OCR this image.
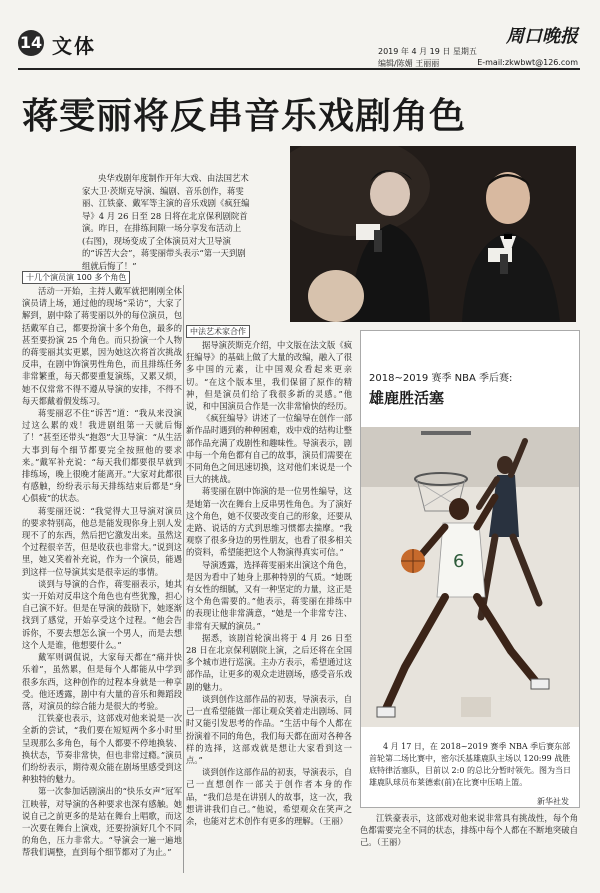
14 文体	周口晚报
2019 年 4 月 19 日 星期五
编辑/陈媚 王丽丽	E-mail:zkwbwt@126.com
蒋雯丽将反串音乐戏剧角色
央华戏剧年度制作开年大戏、由法国艺术家大卫·茨斯克导演、编剧、音乐创作，蒋雯丽、江铁豪、戴军等主演的音乐戏剧《疯狂编导》4 月 26 日至 28 日将在北京保利剧院首演。昨日，在排练间隙一场分享发布活动上(右图)，现场变成了全体演员对大卫导演的“诉苦大会”，蒋雯丽带头表示“第一天到剧组就后悔了！”
十几个演员演 100 多个角色
中法艺术家合作

活动一开始，主持人戴军就把刚刚全体演员请上场，通过他的现场“采访”，大家了解到，剧中除了蒋雯丽以外的每位演员，包括戴军自己，都要扮演十多个角色，最多的甚至要扮演 25 个角色。而只扮演一个人物的蒋雯丽其实更累，因为她这次将首次挑战反串，在剧中饰演男性角色，而且排练任务非常繁重，每天都要重复演练，又累又烦，她不仅常常不得不遵从导演的安排，不得不每天都戴着假发练习。

蒋雯丽忍不住“诉苦”道：“我从来没演过这么累的戏！我进剧组第一天就后悔了！”甚至还带头“抱怨”大卫导演：“从生活大事到每个细节都要完全按照他的要求来。”戴军补充说：“每天我们都要很早就到排练场，晚上很晚才能离开。”大家对此都很有感触，纷纷表示每天排练结束后都是“身心俱疲”的状态。

蒋雯丽还说：“我觉得大卫导演对演员的要求特别高，他总是能发现你身上别人发现不了的东西，然后把它激发出来。虽然这个过程很辛苦，但是收获也非常大。”说到这里，她又笑着补充说，作为一个演员，能遇到这样一位导演其实是很幸运的事情。

谈到与导演的合作，蒋雯丽表示，她其实一开始对反串这个角色也有些犹豫，担心自己演不好。但是在导演的鼓励下，她逐渐找到了感觉，开始享受这个过程。“他会告诉你，不要去想怎么演一个男人，而是去想这个人是谁，他想要什么。”

戴军则调侃说，大家每天都在“痛并快乐着”，虽然累，但是每个人都能从中学到很多东西，这种创作的过程本身就是一种享受。他还透露，剧中有大量的音乐和舞蹈段落，对演员的综合能力是很大的考验。

江铁豪也表示，这部戏对他来说是一次全新的尝试，“我们要在短短两个多小时里呈现那么多角色，每个人都要不停地换装、换状态，节奏非常快，但也非常过瘾。”演员们纷纷表示，期待观众能在剧场里感受到这种独特的魅力。

第一次参加话剧演出的“快乐女声”冠军江映蓉，对导演的各种要求也深有感触。她说自己之前更多的是站在舞台上唱歌，而这一次要在舞台上演戏，还要扮演好几个不同的角色，压力非常大。“导演会一遍一遍地帮我们调整，直到每个细节都对了为止。”

据导演茨斯克介绍，中文版在法文版《疯狂编导》的基础上做了大量的改编，融入了很多中国的元素，让中国观众看起来更亲切。“在这个版本里，我们保留了原作的精神，但是演员们给了我很多新的灵感。”他说，和中国演员合作是一次非常愉快的经历。

《疯狂编导》讲述了一位编导在创作一部新作品时遇到的种种困难，戏中戏的结构让整部作品充满了戏剧性和趣味性。导演表示，剧中每一个角色都有自己的故事，演员们需要在不同角色之间迅速切换，这对他们来说是一个巨大的挑战。

蒋雯丽在剧中饰演的是一位男性编导，这是她第一次在舞台上反串男性角色。为了演好这个角色，她不仅要改变自己的形象，还要从走路、说话的方式到思维习惯都去揣摩。“我观察了很多身边的男性朋友，也看了很多相关的资料，希望能把这个人物演得真实可信。”

导演透露，选择蒋雯丽来出演这个角色，是因为看中了她身上那种特别的气质。“她既有女性的细腻，又有一种坚定的力量，这正是这个角色需要的。”他表示，蒋雯丽在排练中的表现让他非常满意，“她是一个非常专注、非常有天赋的演员。”

据悉，该剧首轮演出将于 4 月 26 日至 28 日在北京保利剧院上演，之后还将在全国多个城市进行巡演。主办方表示，希望通过这部作品，让更多的观众走进剧场，感受音乐戏剧的魅力。

谈到创作这部作品的初衷，导演表示，自己一直希望能做一部让观众笑着走出剧场、同时又能引发思考的作品。“生活中每个人都在扮演着不同的角色，我们每天都在面对各种各样的选择，这部戏就是想让大家看到这一点。”

谈到创作这部作品的初衷，导演表示，自己一直想创作一部关于创作者本身的作品，“我们总是在讲别人的故事，这一次，我想讲讲我们自己。”他说，希望观众在笑声之余，也能对艺术创作有更多的理解。（王丽）

2018~2019 赛季 NBA 季后赛:
雄鹿胜活塞
6

4 月 17 日，在 2018~2019 赛季 NBA 季后赛东部首轮第二场比赛中，密尔沃基雄鹿队主场以 120:99 战胜底特律活塞队，目前以 2:0 的总比分暂时领先。图为当日雄鹿队球员布莱德索(前)在比赛中压哨上篮。

新华社发

江铁豪表示，这部戏对他来说非常具有挑战性，每个角色都需要完全不同的状态，排练中每个人都在不断地突破自己。（王丽）
